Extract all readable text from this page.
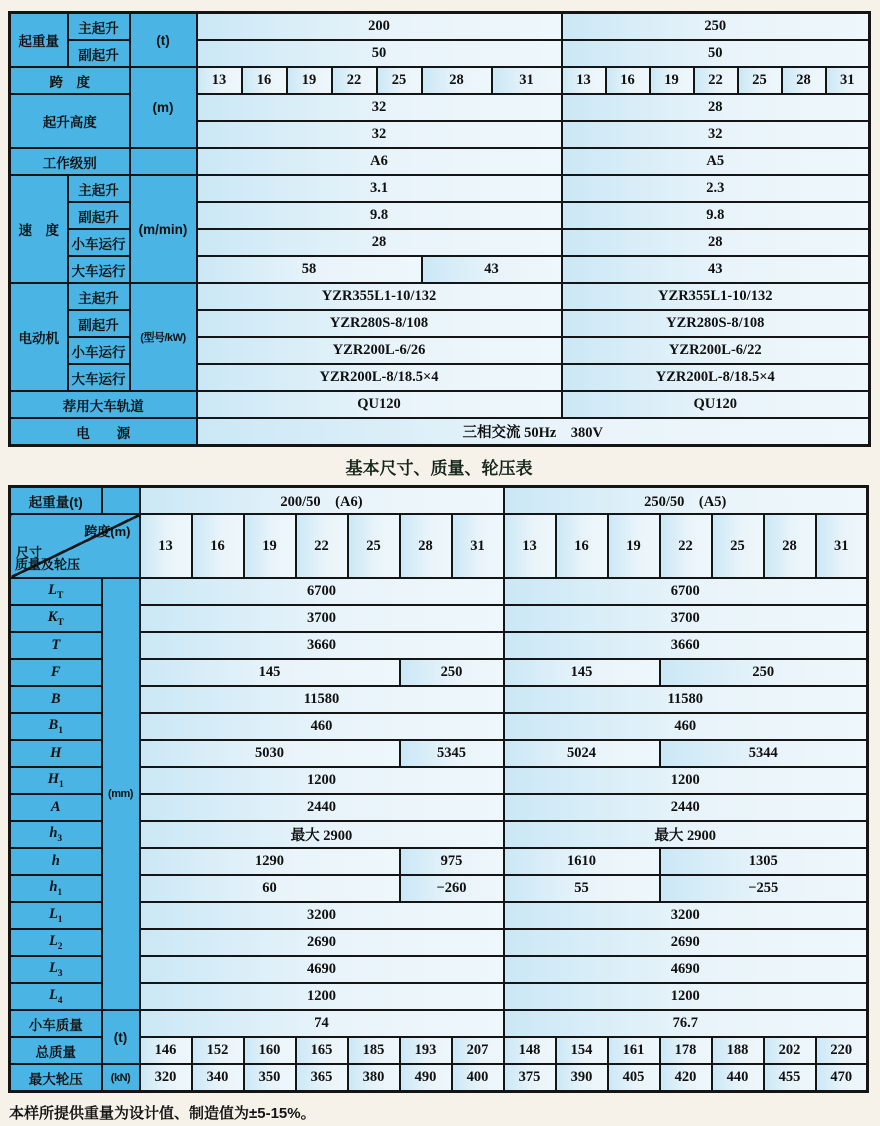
起重量	主起升	(t)	200							250						
	副起升		50							50						
跨　度		(m)	13	16	19	22	25	28	31	13	16	19	22	25	28	31
起升高度			32							28						
			32							32						
工作级别			A6							A5						
速　度	主起升	(m/min)	3.1							2.3						
	副起升		9.8							9.8						
	小车运行		28							28						
	大车运行		58					43		43						
电动机	主起升	(型号/kW)	YZR355L1-10/132							YZR355L1-10/132						
	副起升		YZR280S-8/108							YZR280S-8/108						
	小车运行		YZR200L-6/26							YZR200L-6/22						
	大车运行		YZR200L-8/18.5×4							YZR200L-8/18.5×4						
荐用大车轨道			QU120							QU120						
电　　源			三相交流 50Hz　380V													
基本尺寸、质量、轮压表
起重量(t)		200/50　(A6)							250/50　(A5)						

跨度(m)
尺寸
质量及轮压		13	16	19	22	25	28	31	13	16	19	22	25	28	31
$L_T$	(mm)	6700							6700						
$K_T$		3700							3700						
T		3660							3660						
F		145					250		145			250			
B		11580							11580						
$B_1$		460							460						
H		5030					5345		5024			5344			
$H_1$		1200							1200						
A		2440							2440						
$h_3$		最大 2900							最大 2900						
h		1290					975		1610			1305			
$h_1$		60					−260		55			−255			
$L_1$		3200							3200						
$L_2$		2690							2690						
$L_3$		4690							4690						
$L_4$		1200							1200						
小车质量	(t)	74							76.7						
总质量		146	152	160	165	185	193	207	148	154	161	178	188	202	220
最大轮压	(kN)	320	340	350	365	380	490	400	375	390	405	420	440	455	470
本样所提供重量为设计值、制造值为±5-15%。
